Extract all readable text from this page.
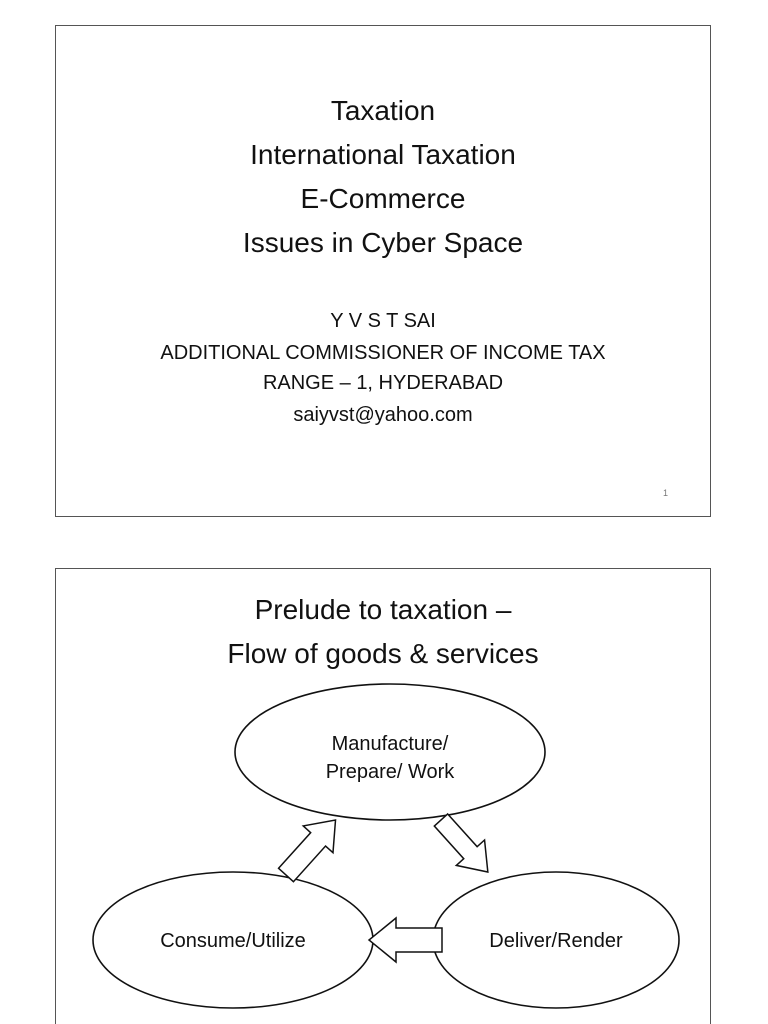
Taxation
International Taxation
E-Commerce
Issues in Cyber Space
Y V S T SAI
ADDITIONAL COMMISSIONER OF INCOME TAX
RANGE – 1, HYDERABAD
saiyvst@yahoo.com
1
Prelude to taxation –
Flow of goods & services
Manufacture/
Prepare/ Work
Consume/Utilize	Deliver/Render
